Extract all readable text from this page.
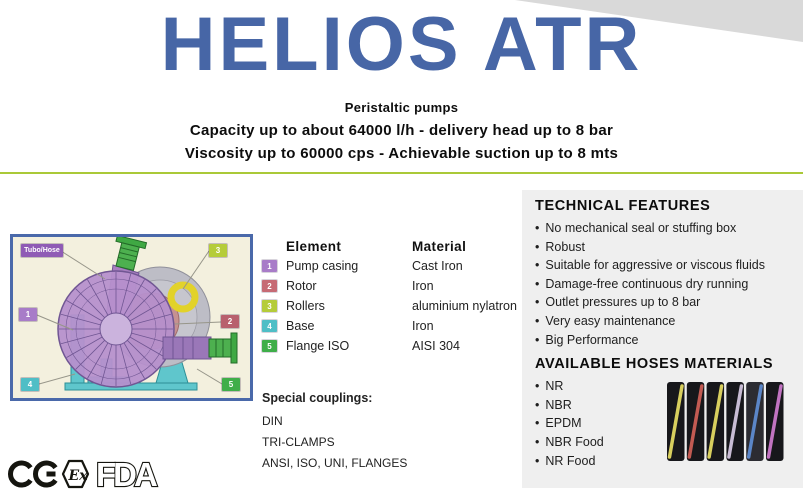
HELIOS ATR
Peristaltic pumps
Capacity up to about 64000 l/h - delivery head up to 8 bar
Viscosity up to 60000 cps - Achievable suction up to 8 mts
Tubo/Hose
1
2
3
4	5
Element	Material
1	Pump casing	Cast Iron
2	Rotor	Iron
3	Rollers	aluminium nylatron
4	Base	Iron
5	Flange ISO	AISI 304
Special couplings:
DIN
TRI-CLAMPS
ANSI, ISO, UNI, FLANGES
TECHNICAL FEATURES
• No mechanical seal or stuffing box
• Robust
• Suitable for aggressive or viscous fluids
• Damage-free continuous dry running
• Outlet pressures up to 8 bar
• Very easy maintenance
• Big Performance
AVAILABLE HOSES MATERIALS
• NR
• NBR
• EPDM
• NBR Food
• NR Food
Ex FDA
